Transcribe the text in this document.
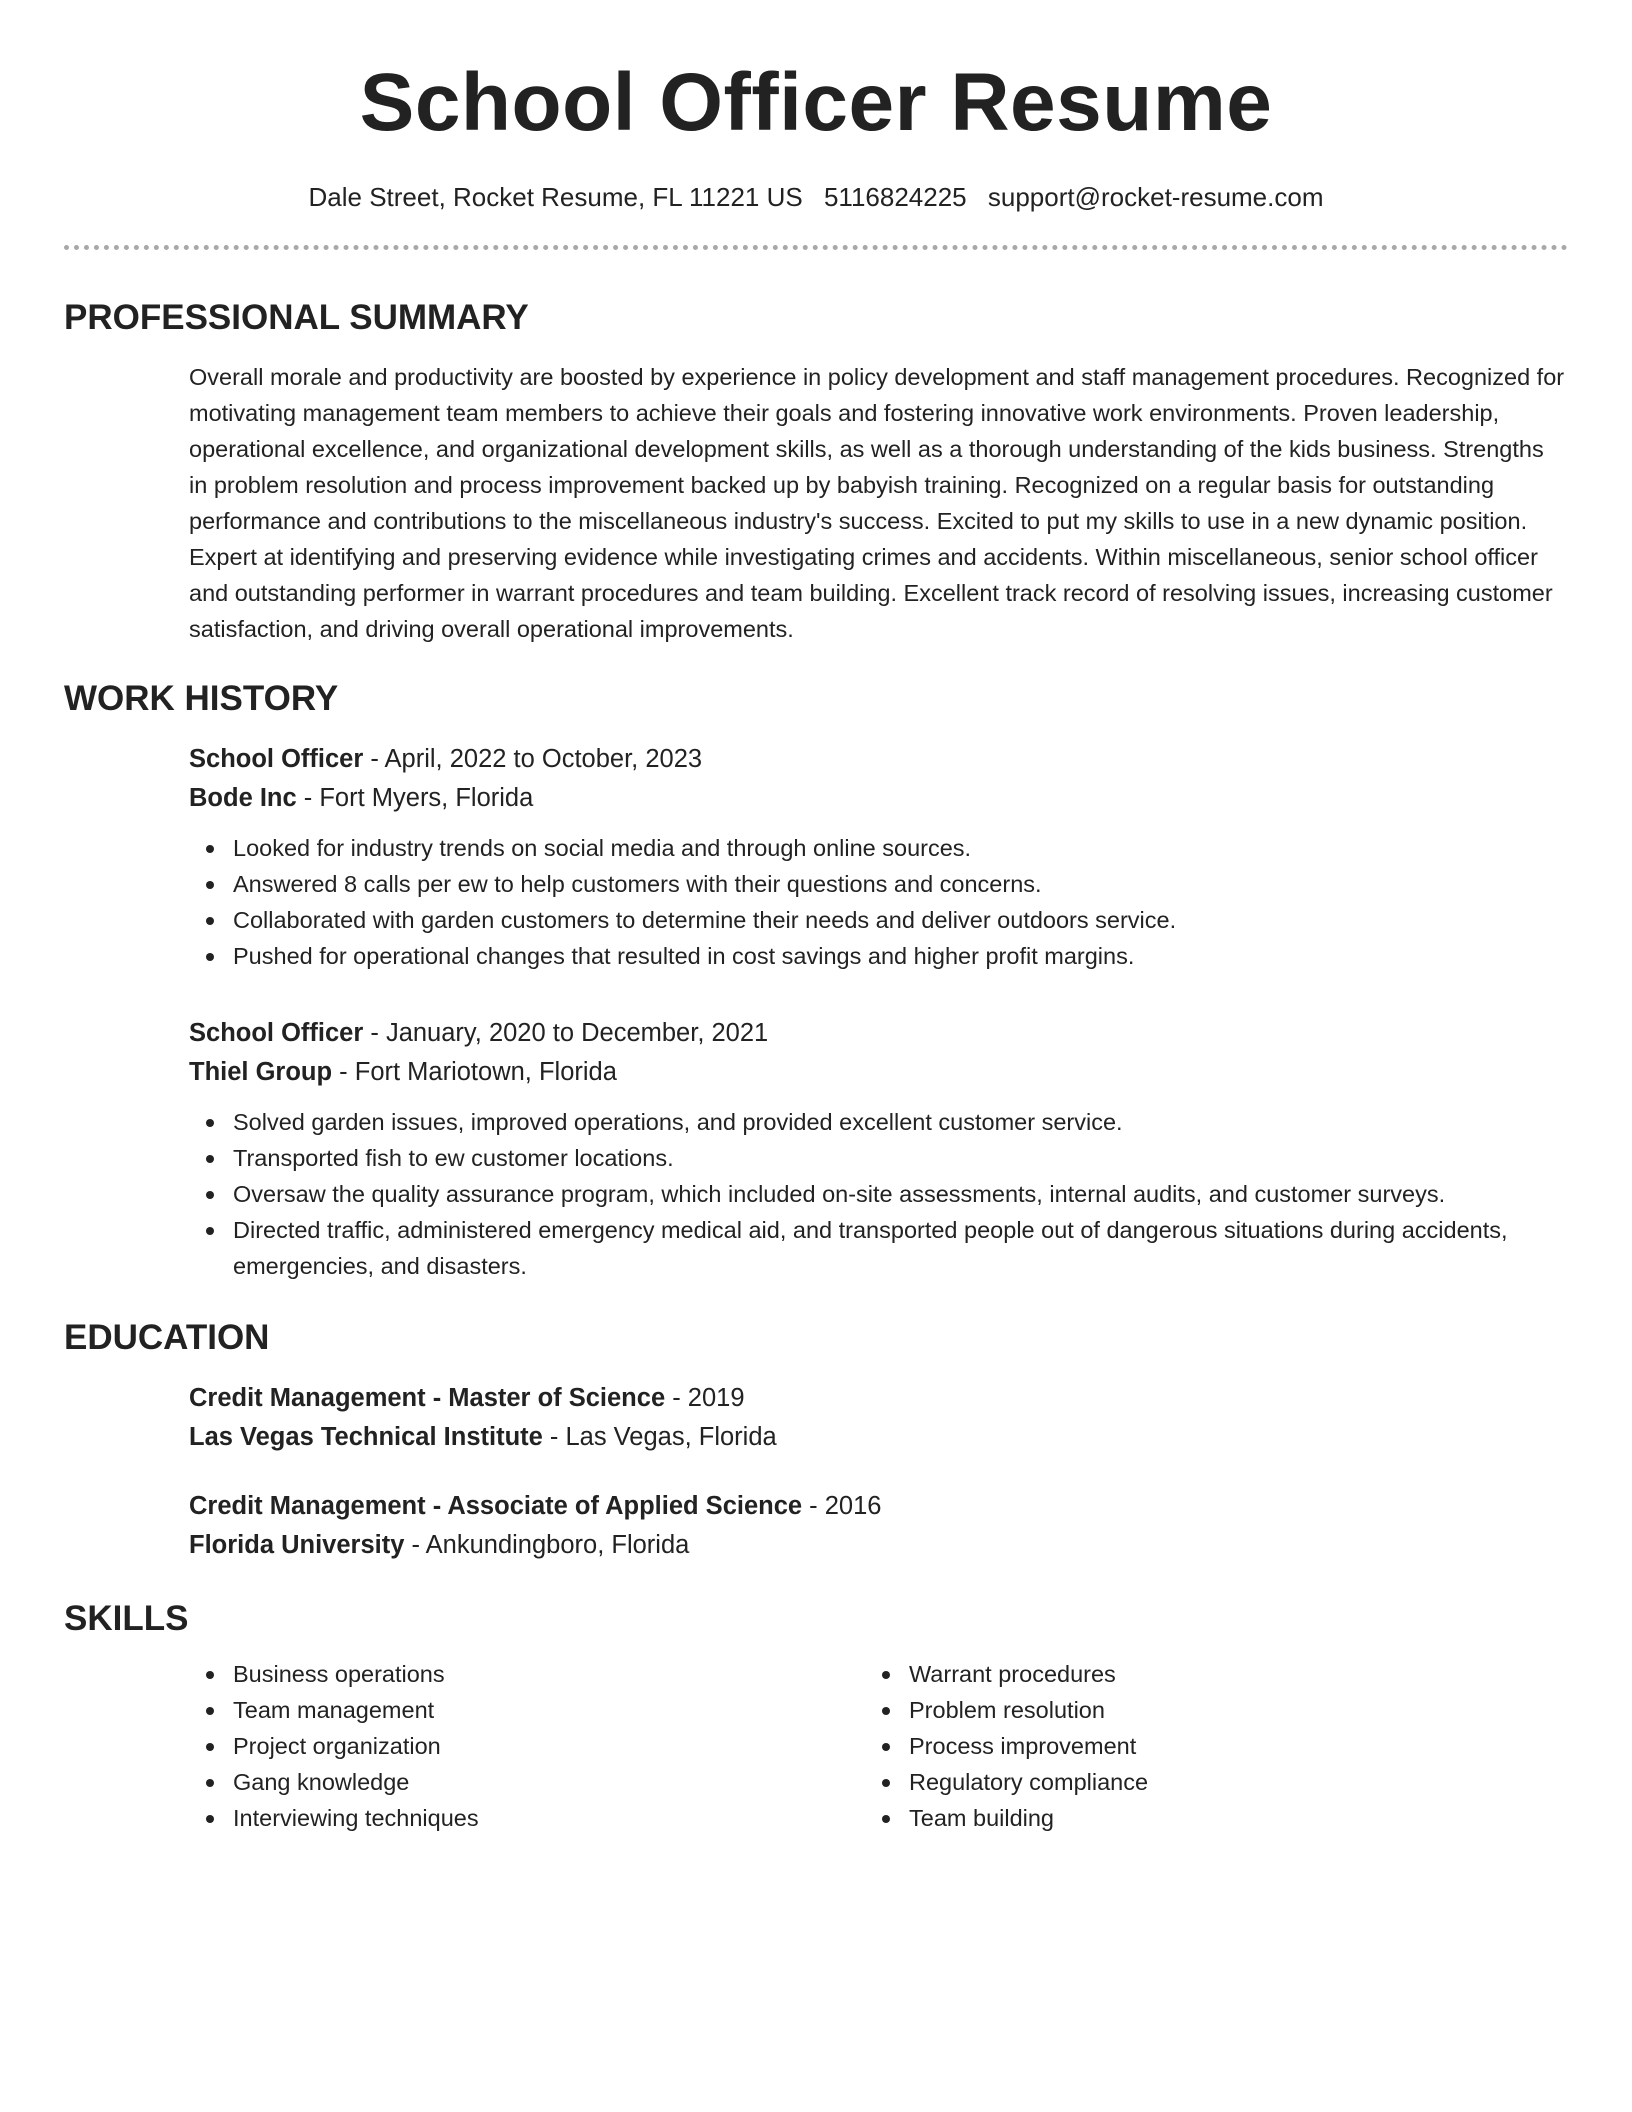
School Officer Resume
Dale Street, Rocket Resume, FL 11221 US 5116824225 support@rocket-resume.com
PROFESSIONAL SUMMARY

Overall morale and productivity are boosted by experience in policy development and staff management procedures. Recognized for motivating management team members to achieve their goals and fostering innovative work environments. Proven leadership, operational excellence, and organizational development skills, as well as a thorough understanding of the kids business. Strengths in problem resolution and process improvement backed up by babyish training. Recognized on a regular basis for outstanding performance and contributions to the miscellaneous industry's success. Excited to put my skills to use in a new dynamic position. Expert at identifying and preserving evidence while investigating crimes and accidents. Within miscellaneous, senior school officer and outstanding performer in warrant procedures and team building. Excellent track record of resolving issues, increasing customer satisfaction, and driving overall operational improvements.

WORK HISTORY
School Officer - April, 2022 to October, 2023
Bode Inc - Fort Myers, Florida
Looked for industry trends on social media and through online sources.
Answered 8 calls per ew to help customers with their questions and concerns.
Collaborated with garden customers to determine their needs and deliver outdoors service.
Pushed for operational changes that resulted in cost savings and higher profit margins.
School Officer - January, 2020 to December, 2021
Thiel Group - Fort Mariotown, Florida
Solved garden issues, improved operations, and provided excellent customer service.
Transported fish to ew customer locations.
Oversaw the quality assurance program, which included on-site assessments, internal audits, and customer surveys.
Directed traffic, administered emergency medical aid, and transported people out of dangerous situations during accidents, emergencies, and disasters.
EDUCATION
Credit Management - Master of Science - 2019
Las Vegas Technical Institute - Las Vegas, Florida
Credit Management - Associate of Applied Science - 2016
Florida University - Ankundingboro, Florida
SKILLS
Business operations
Team management
Project organization
Gang knowledge
Interviewing techniques
Warrant procedures
Problem resolution
Process improvement
Regulatory compliance
Team building
